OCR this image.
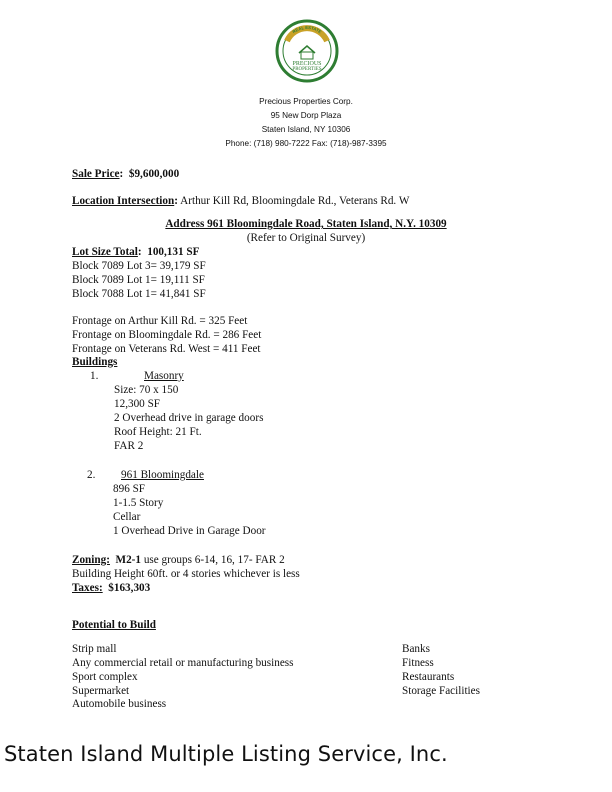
REAL ESTATE
PRECIOUS
PROPERTIES
Precious Properties Corp.
95 New Dorp Plaza
Staten Island, NY 10306
Phone: (718) 980-7222 Fax: (718)-987-3395
Sale Price:  $9,600,000
Location Intersection: Arthur Kill Rd, Bloomingdale Rd., Veterans Rd. W
Address 961 Bloomingdale Road, Staten Island, N.Y. 10309
(Refer to Original Survey)
Lot Size Total:  100,131 SF
Block 7089 Lot 3= 39,179 SF
Block 7089 Lot 1= 19,111 SF
Block 7088 Lot 1= 41,841 SF
Frontage on Arthur Kill Rd. = 325 Feet
Frontage on Bloomingdale Rd. = 286 Feet
Frontage on Veterans Rd. West = 411 Feet
Buildings
1.	Masonry
Size: 70 x 150
12,300 SF
2 Overhead drive in garage doors
Roof Height: 21 Ft.
FAR 2
2. 961 Bloomingdale
896 SF
1-1.5 Story
Cellar
1 Overhead Drive in Garage Door
Zoning: M2-1 use groups 6-14, 16, 17- FAR 2
Building Height 60ft. or 4 stories whichever is less
Taxes: $163,303
Potential to Build
Strip mall
Any commercial retail or manufacturing business
Sport complex
Supermarket
Automobile business
Banks
Fitness
Restaurants
Storage Facilities
Staten Island Multiple Listing Service, Inc.
